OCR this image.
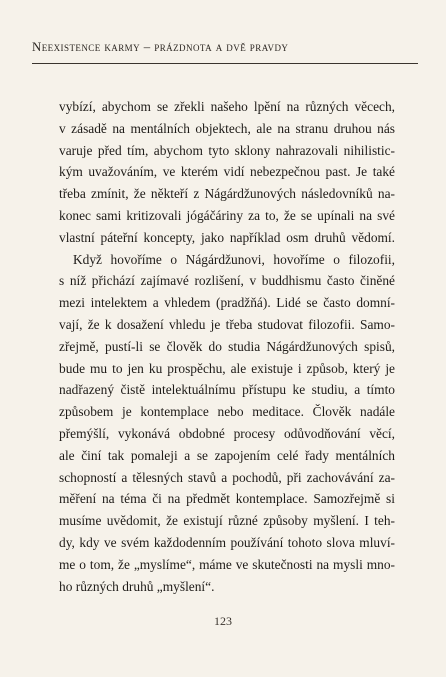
Neexistence karmy – prázdnota a dvě pravdy
vybízí, abychom se zřekli našeho lpění na různých věcech,
v zásadě na mentálních objektech, ale na stranu druhou nás
varuje před tím, abychom tyto sklony nahrazovali nihilistic-
kým uvažováním, ve kterém vidí nebezpečnou past. Je také
třeba zmínit, že někteří z Nágárdžunových následovníků na-
konec sami kritizovali jógáčáriny za to, že se upínali na své
vlastní páteřní koncepty, jako například osm druhů vědomí.
Když hovoříme o Nágárdžunovi, hovoříme o filozofii,
s níž přichází zajímavé rozlišení, v buddhismu často činěné
mezi intelektem a vhledem (pradžňá). Lidé se často domní-
vají, že k dosažení vhledu je třeba studovat filozofii. Samo-
zřejmě, pustí-li se člověk do studia Nágárdžunových spisů,
bude mu to jen ku prospěchu, ale existuje i způsob, který je
nadřazený čistě intelektuálnímu přístupu ke studiu, a tímto
způsobem je kontemplace nebo meditace. Člověk nadále
přemýšlí, vykonává obdobné procesy odůvodňování věcí,
ale činí tak pomaleji a se zapojením celé řady mentálních
schopností a tělesných stavů a pochodů, při zachovávání za-
měření na téma či na předmět kontemplace. Samozřejmě si
musíme uvědomit, že existují různé způsoby myšlení. I teh-
dy, kdy ve svém každodenním používání tohoto slova mluví-
me o tom, že „myslíme“, máme ve skutečnosti na mysli mno-
ho různých druhů „myšlení“.
123
